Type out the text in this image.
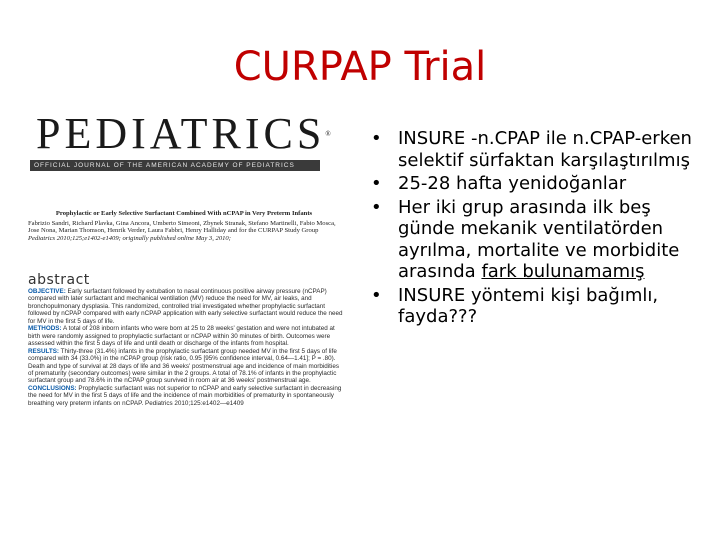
CURPAP Trial
PEDIATRICS®
OFFICIAL JOURNAL OF THE AMERICAN ACADEMY OF PEDIATRICS
Prophylactic or Early Selective Surfactant Combined With nCPAP in Very Preterm Infants
Fabrizio Sandri, Richard Plavka, Gina Ancora, Umberto Simeoni, Zbynek Stranak, Stefano Martinelli, Fabio Mosca, Jose Nona, Marian Thomson, Henrik Verder, Laura Fabbri, Henry Halliday and for the CURPAP Study Group Pediatrics 2010;125;e1402-e1409; originally published online May 3, 2010;
abstract
OBJECTIVE: Early surfactant followed by extubation to nasal continuous positive airway pressure (nCPAP) compared with later surfactant and mechanical ventilation (MV) reduce the need for MV, air leaks, and bronchopulmonary dysplasia. This randomized, controlled trial investigated whether prophylactic surfactant followed by nCPAP compared with early nCPAP application with early selective surfactant would reduce the need for MV in the first 5 days of life.
METHODS: A total of 208 inborn infants who were born at 25 to 28 weeks' gestation and were not intubated at birth were randomly assigned to prophylactic surfactant or nCPAP within 30 minutes of birth. Outcomes were assessed within the first 5 days of life and until death or discharge of the infants from hospital.
RESULTS: Thirty-three (31.4%) infants in the prophylactic surfactant group needed MV in the first 5 days of life compared with 34 (33.0%) in the nCPAP group (risk ratio, 0.95 [95% confidence interval, 0.64—1.41]; P = .80). Death and type of survival at 28 days of life and 36 weeks' postmenstrual age and incidence of main morbidities of prematurity (secondary outcomes) were similar in the 2 groups. A total of 78.1% of infants in the prophylactic surfactant group and 78.6% in the nCPAP group survived in room air at 36 weeks' postmenstrual age.
CONCLUSIONS: Prophylactic surfactant was not superior to nCPAP and early selective surfactant in decreasing the need for MV in the first 5 days of life and the incidence of main morbidities of prematurity in spontaneously breathing very preterm infants on nCPAP. Pediatrics 2010;125:e1402—e1409
• INSURE -n.CPAP ile n.CPAP-erken selektif sürfaktan karşılaştırılmış
• 25-28 hafta yenidoğanlar
• Her iki grup arasında ilk beş günde mekanik ventilatörden ayrılma, mortalite ve morbidite arasında fark bulunamamış
• INSURE yöntemi kişi bağımlı, fayda???
